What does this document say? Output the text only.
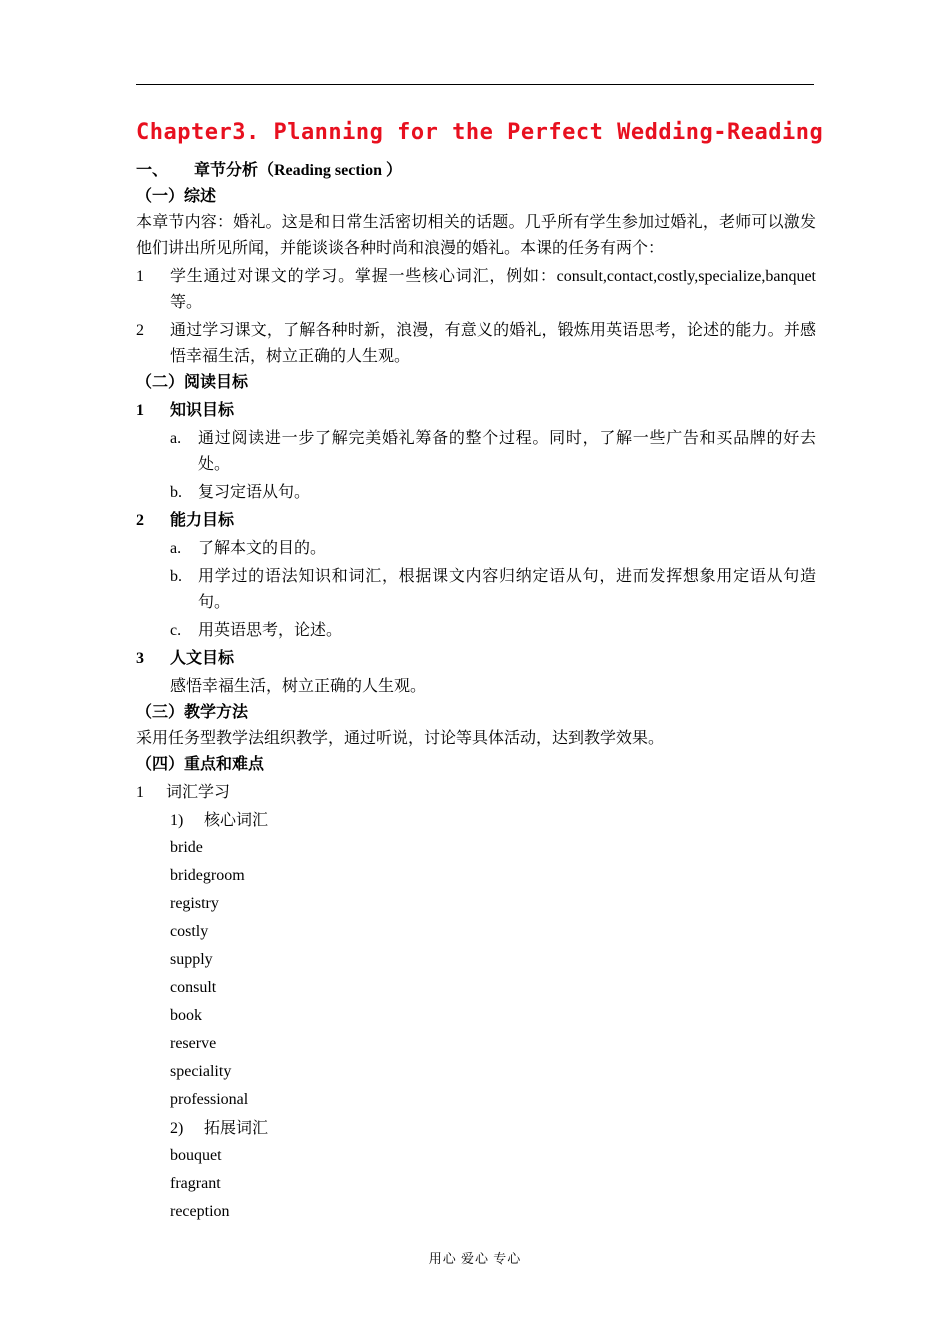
Chapter3. Planning for the Perfect Wedding-Reading
一、	章节分析（Reading section ）
（一）综述
本章节内容：婚礼。这是和日常生活密切相关的话题。几乎所有学生参加过婚礼，老师可以激发他们讲出所见所闻，并能谈谈各种时尚和浪漫的婚礼。本课的任务有两个：
1	学生通过对课文的学习。掌握一些核心词汇，例如：consult,contact,costly,specialize,banquet等。
2	通过学习课文，了解各种时新，浪漫，有意义的婚礼，锻炼用英语思考，论述的能力。并感悟幸福生活，树立正确的人生观。
（二）阅读目标
1	知识目标
a.	通过阅读进一步了解完美婚礼筹备的整个过程。同时，了解一些广告和买品牌的好去处。
b.	复习定语从句。
2	能力目标
a.	了解本文的目的。
b.	用学过的语法知识和词汇，根据课文内容归纳定语从句，进而发挥想象用定语从句造句。
c.	用英语思考，论述。
3	人文目标
感悟幸福生活，树立正确的人生观。
（三）教学方法
采用任务型教学法组织教学，通过听说，讨论等具体活动，达到教学效果。
（四）重点和难点
1	词汇学习
1)	核心词汇
bride
bridegroom
registry
costly
supply
consult
book
reserve
speciality
professional
2)	拓展词汇
bouquet
fragrant
reception
用心 爱心 专心
